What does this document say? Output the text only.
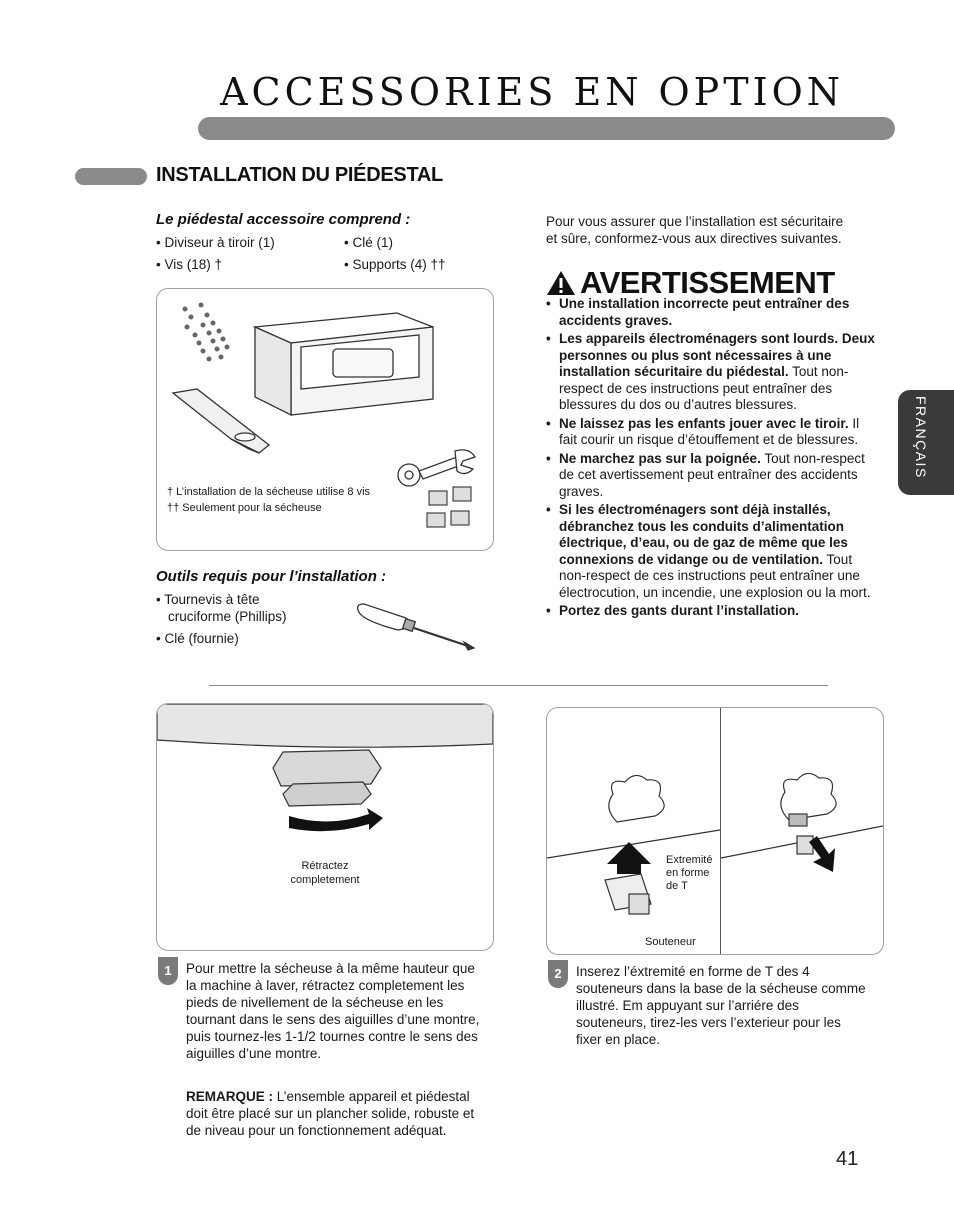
ACCESSORIES EN OPTION
INSTALLATION DU PIÉDESTAL
Le piédestal accessoire comprend :
• Diviseur à tiroir (1)
• Vis (18) †
• Clé (1)
• Supports (4) ††
† L’installation de la sécheuse utilise 8 vis
†† Seulement pour la sécheuse
Outils requis pour l’installation :
• Tournevis à tête
cruciforme (Phillips)
• Clé (fournie)
Pour vous assurer que l’installation est sécuritaire
et sûre, conformez-vous aux directives suivantes.
AVERTISSEMENT
• Une installation incorrecte peut entraîner des accidents graves.
• Les appareils électroménagers sont lourds. Deux personnes ou plus sont nécessaires à une installation sécuritaire du piédestal. Tout non-respect de ces instructions peut entraîner des blessures du dos ou d’autres blessures.
• Ne laissez pas les enfants jouer avec le tiroir. Il fait courir un risque d’étouffement et de blessures.
• Ne marchez pas sur la poignée. Tout non-respect de cet avertissement peut entraîner des accidents graves.
• Si les électroménagers sont déjà installés, débranchez tous les conduits d’alimentation électrique, d’eau, ou de gaz de même que les connexions de vidange ou de ventilation. Tout non-respect de ces instructions peut entraîner une électrocution, un incendie, une explosion ou la mort.
• Portez des gants durant l’installation.
FRANÇAIS
Rétractez
completement
1	Pour mettre la sécheuse à la même hauteur que la machine à laver, rétractez completement les pieds de nivellement de la sécheuse en les tournant dans le sens des aiguilles d’une montre, puis tournez-les 1-1/2 tournes contre le sens des aiguilles d’une montre.
REMARQUE : L’ensemble appareil et piédestal doit être placé sur un plancher solide, robuste et de niveau pour un fonctionnement adéquat.
Extremité
en forme
de T
Souteneur
2	Inserez l’éxtremité en forme de T des 4 souteneurs dans la base de la sécheuse comme illustré. Em appuyant sur l’arriére des souteneurs, tirez-les vers l’exterieur pour les fixer en place.
41
